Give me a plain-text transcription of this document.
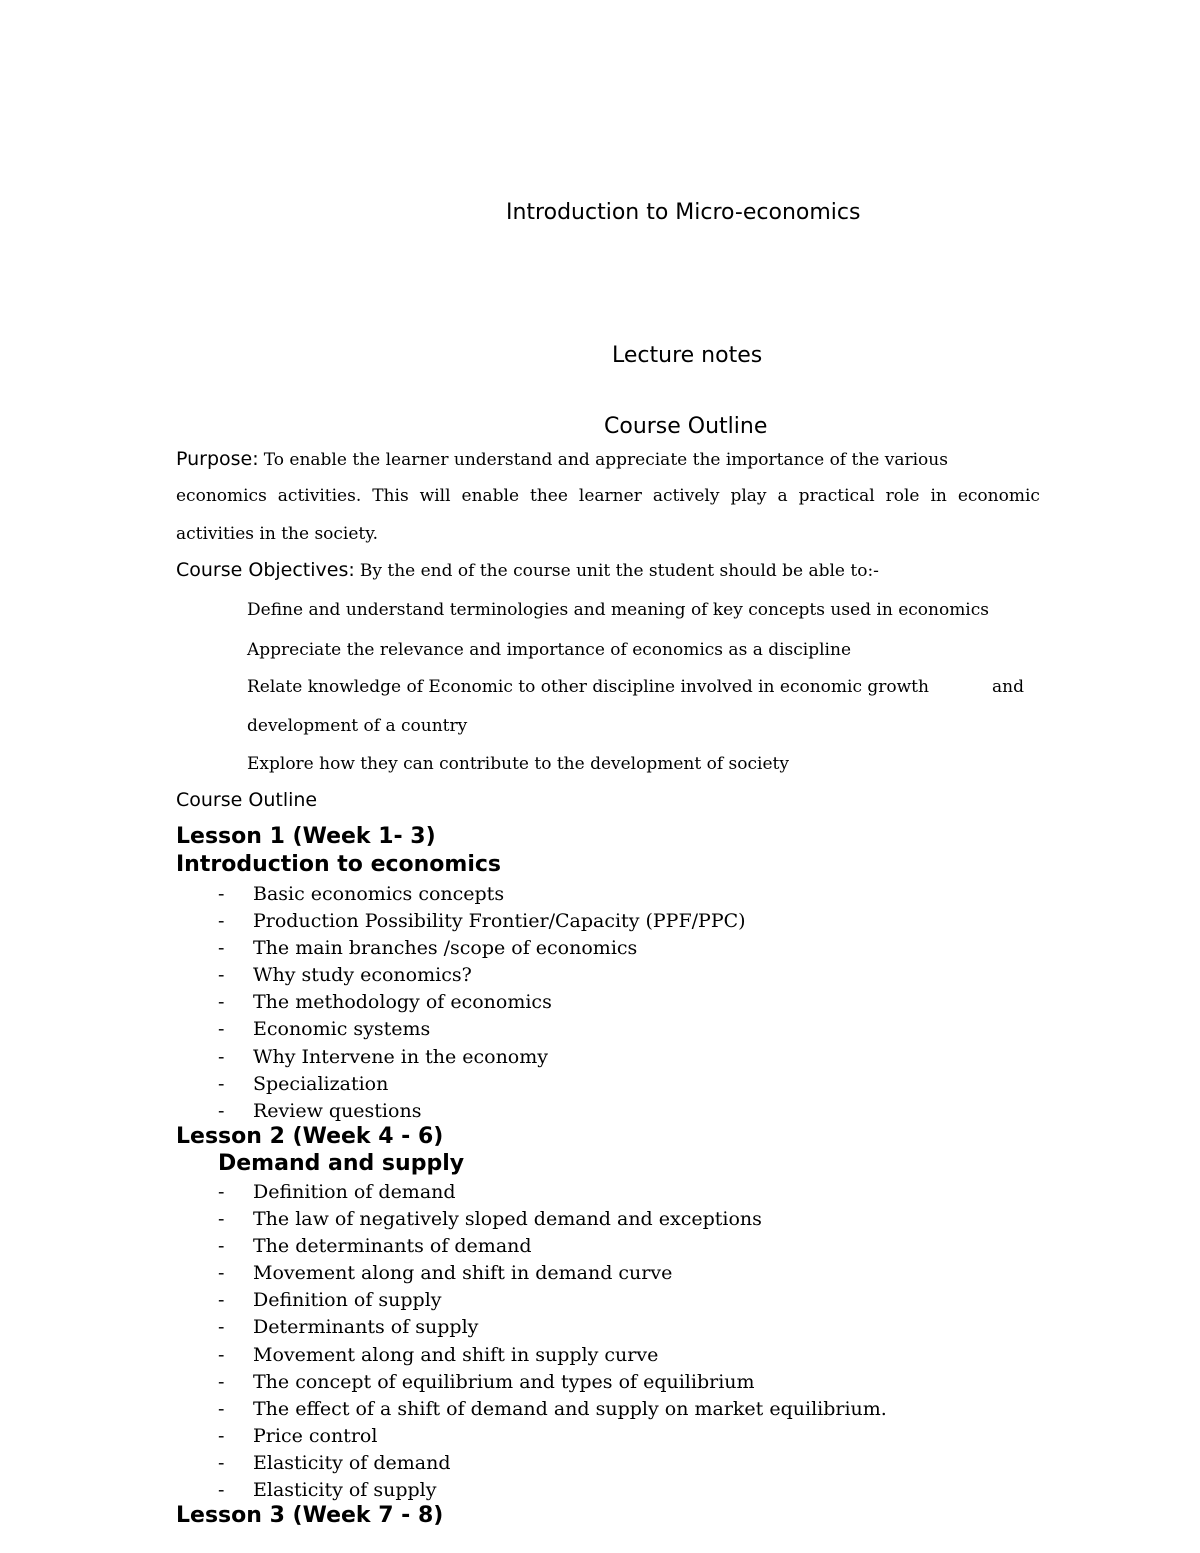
Introduction to Micro-economics
Lecture notes
Course Outline
Purpose: To enable the learner understand and appreciate the importance of the various
economics activities. This will enable thee learner actively play a practical role in economic
activities in the society.
Course Objectives: By the end of the course unit the student should be able to:-
Define and understand terminologies and meaning of key concepts used in economics
Appreciate the relevance and importance of economics as a discipline
Relate knowledge of Economic to other discipline involved in economic growth	and
development of a country
Explore how they can contribute to the development of society
Course Outline
Lesson 1 (Week 1- 3)
Introduction to economics
-	Basic economics concepts
-	Production Possibility Frontier/Capacity (PPF/PPC)
-	The main branches /scope of economics
-	Why study economics?
-	The methodology of economics
-	Economic systems
-	Why Intervene in the economy
-	Specialization
-	Review questions
Lesson 2 (Week 4 - 6)
Demand and supply
-	Definition of demand
-	The law of negatively sloped demand and exceptions
-	The determinants of demand
-	Movement along and shift in demand curve
-	Definition of supply
-	Determinants of supply
-	Movement along and shift in supply curve
-	The concept of equilibrium and types of equilibrium
-	The effect of a shift of demand and supply on market equilibrium.
-	Price control
-	Elasticity of demand
-	Elasticity of supply
Lesson 3 (Week 7 - 8)
